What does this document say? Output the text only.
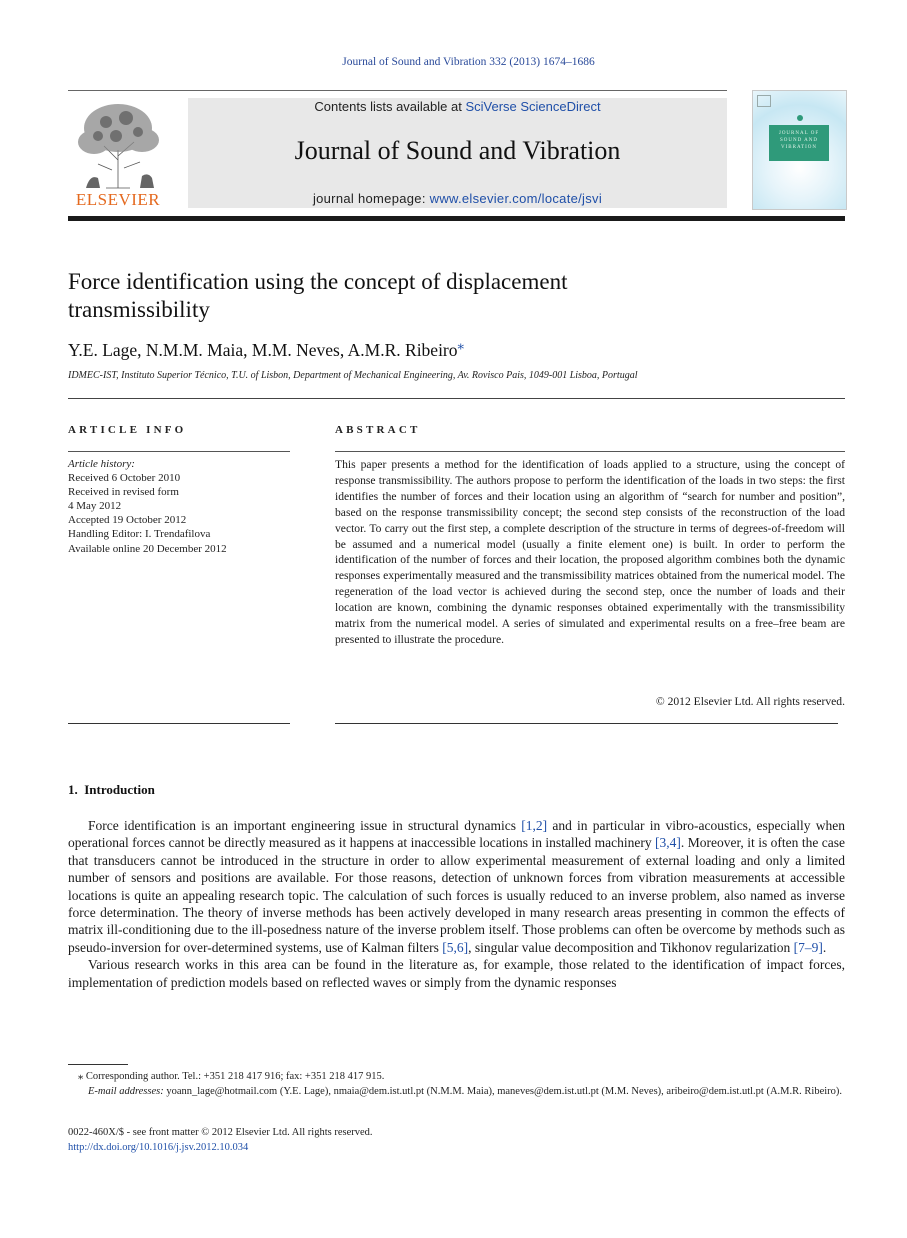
Journal of Sound and Vibration 332 (2013) 1674–1686
ELSEVIER
Contents lists available at SciVerse ScienceDirect
Journal of Sound and Vibration
journal homepage: www.elsevier.com/locate/jsvi
JOURNAL OF
SOUND AND
VIBRATION
Force identification using the concept of displacement transmissibility
Y.E. Lage, N.M.M. Maia, M.M. Neves, A.M.R. Ribeiro⁎
IDMEC-IST, Instituto Superior Técnico, T.U. of Lisbon, Department of Mechanical Engineering, Av. Rovisco Pais, 1049-001 Lisboa, Portugal
ARTICLE INFO	ABSTRACT
Article history:
Received 6 October 2010
Received in revised form
4 May 2012
Accepted 19 October 2012
Handling Editor: I. Trendafilova
Available online 20 December 2012
This paper presents a method for the identification of loads applied to a structure, using the concept of response transmissibility. The authors propose to perform the identification of the loads in two steps: the first identifies the number of forces and their location using an algorithm of “search for number and position”, based on the response transmissibility concept; the second step consists of the reconstruction of the load vector. To carry out the first step, a complete description of the structure in terms of degrees-of-freedom will be assumed and a numerical model (usually a finite element one) is built. In order to perform the identification of the number of forces and their location, the proposed algorithm combines both the dynamic responses experimentally measured and the transmissibility matrices obtained from the numerical model. The regeneration of the load vector is achieved during the second step, once the number of loads and their location are known, combining the dynamic responses obtained experimentally with the transmissibility matrix from the numerical model. A series of simulated and experimental results on a free–free beam are presented to illustrate the procedure.
© 2012 Elsevier Ltd. All rights reserved.
1. Introduction

Force identification is an important engineering issue in structural dynamics [1,2] and in particular in vibro-acoustics, especially when operational forces cannot be directly measured as it happens at inaccessible locations in installed machinery [3,4]. Moreover, it is often the case that transducers cannot be introduced in the structure in order to allow experimental measurement of external loading and only a limited number of sensors and positions are available. For those reasons, detection of unknown forces from vibration measurements at accessible locations is quite an appealing research topic. The calculation of such forces is usually reduced to an inverse problem, also named as inverse force determination. The theory of inverse methods has been actively developed in many research areas presenting in common the effects of matrix ill-conditioning due to the ill-posedness nature of the inverse problem itself. Those problems can often be overcome by methods such as pseudo-inversion for over-determined systems, use of Kalman filters [5,6], singular value decomposition and Tikhonov regularization [7–9].

Various research works in this area can be found in the literature as, for example, those related to the identification of impact forces, implementation of prediction models based on reflected waves or simply from the dynamic responses

⁎ Corresponding author. Tel.: +351 218 417 916; fax: +351 218 417 915.
E-mail addresses: yoann_lage@hotmail.com (Y.E. Lage), nmaia@dem.ist.utl.pt (N.M.M. Maia), maneves@dem.ist.utl.pt (M.M. Neves), aribeiro@dem.ist.utl.pt (A.M.R. Ribeiro).
0022-460X/$ - see front matter © 2012 Elsevier Ltd. All rights reserved.
http://dx.doi.org/10.1016/j.jsv.2012.10.034
